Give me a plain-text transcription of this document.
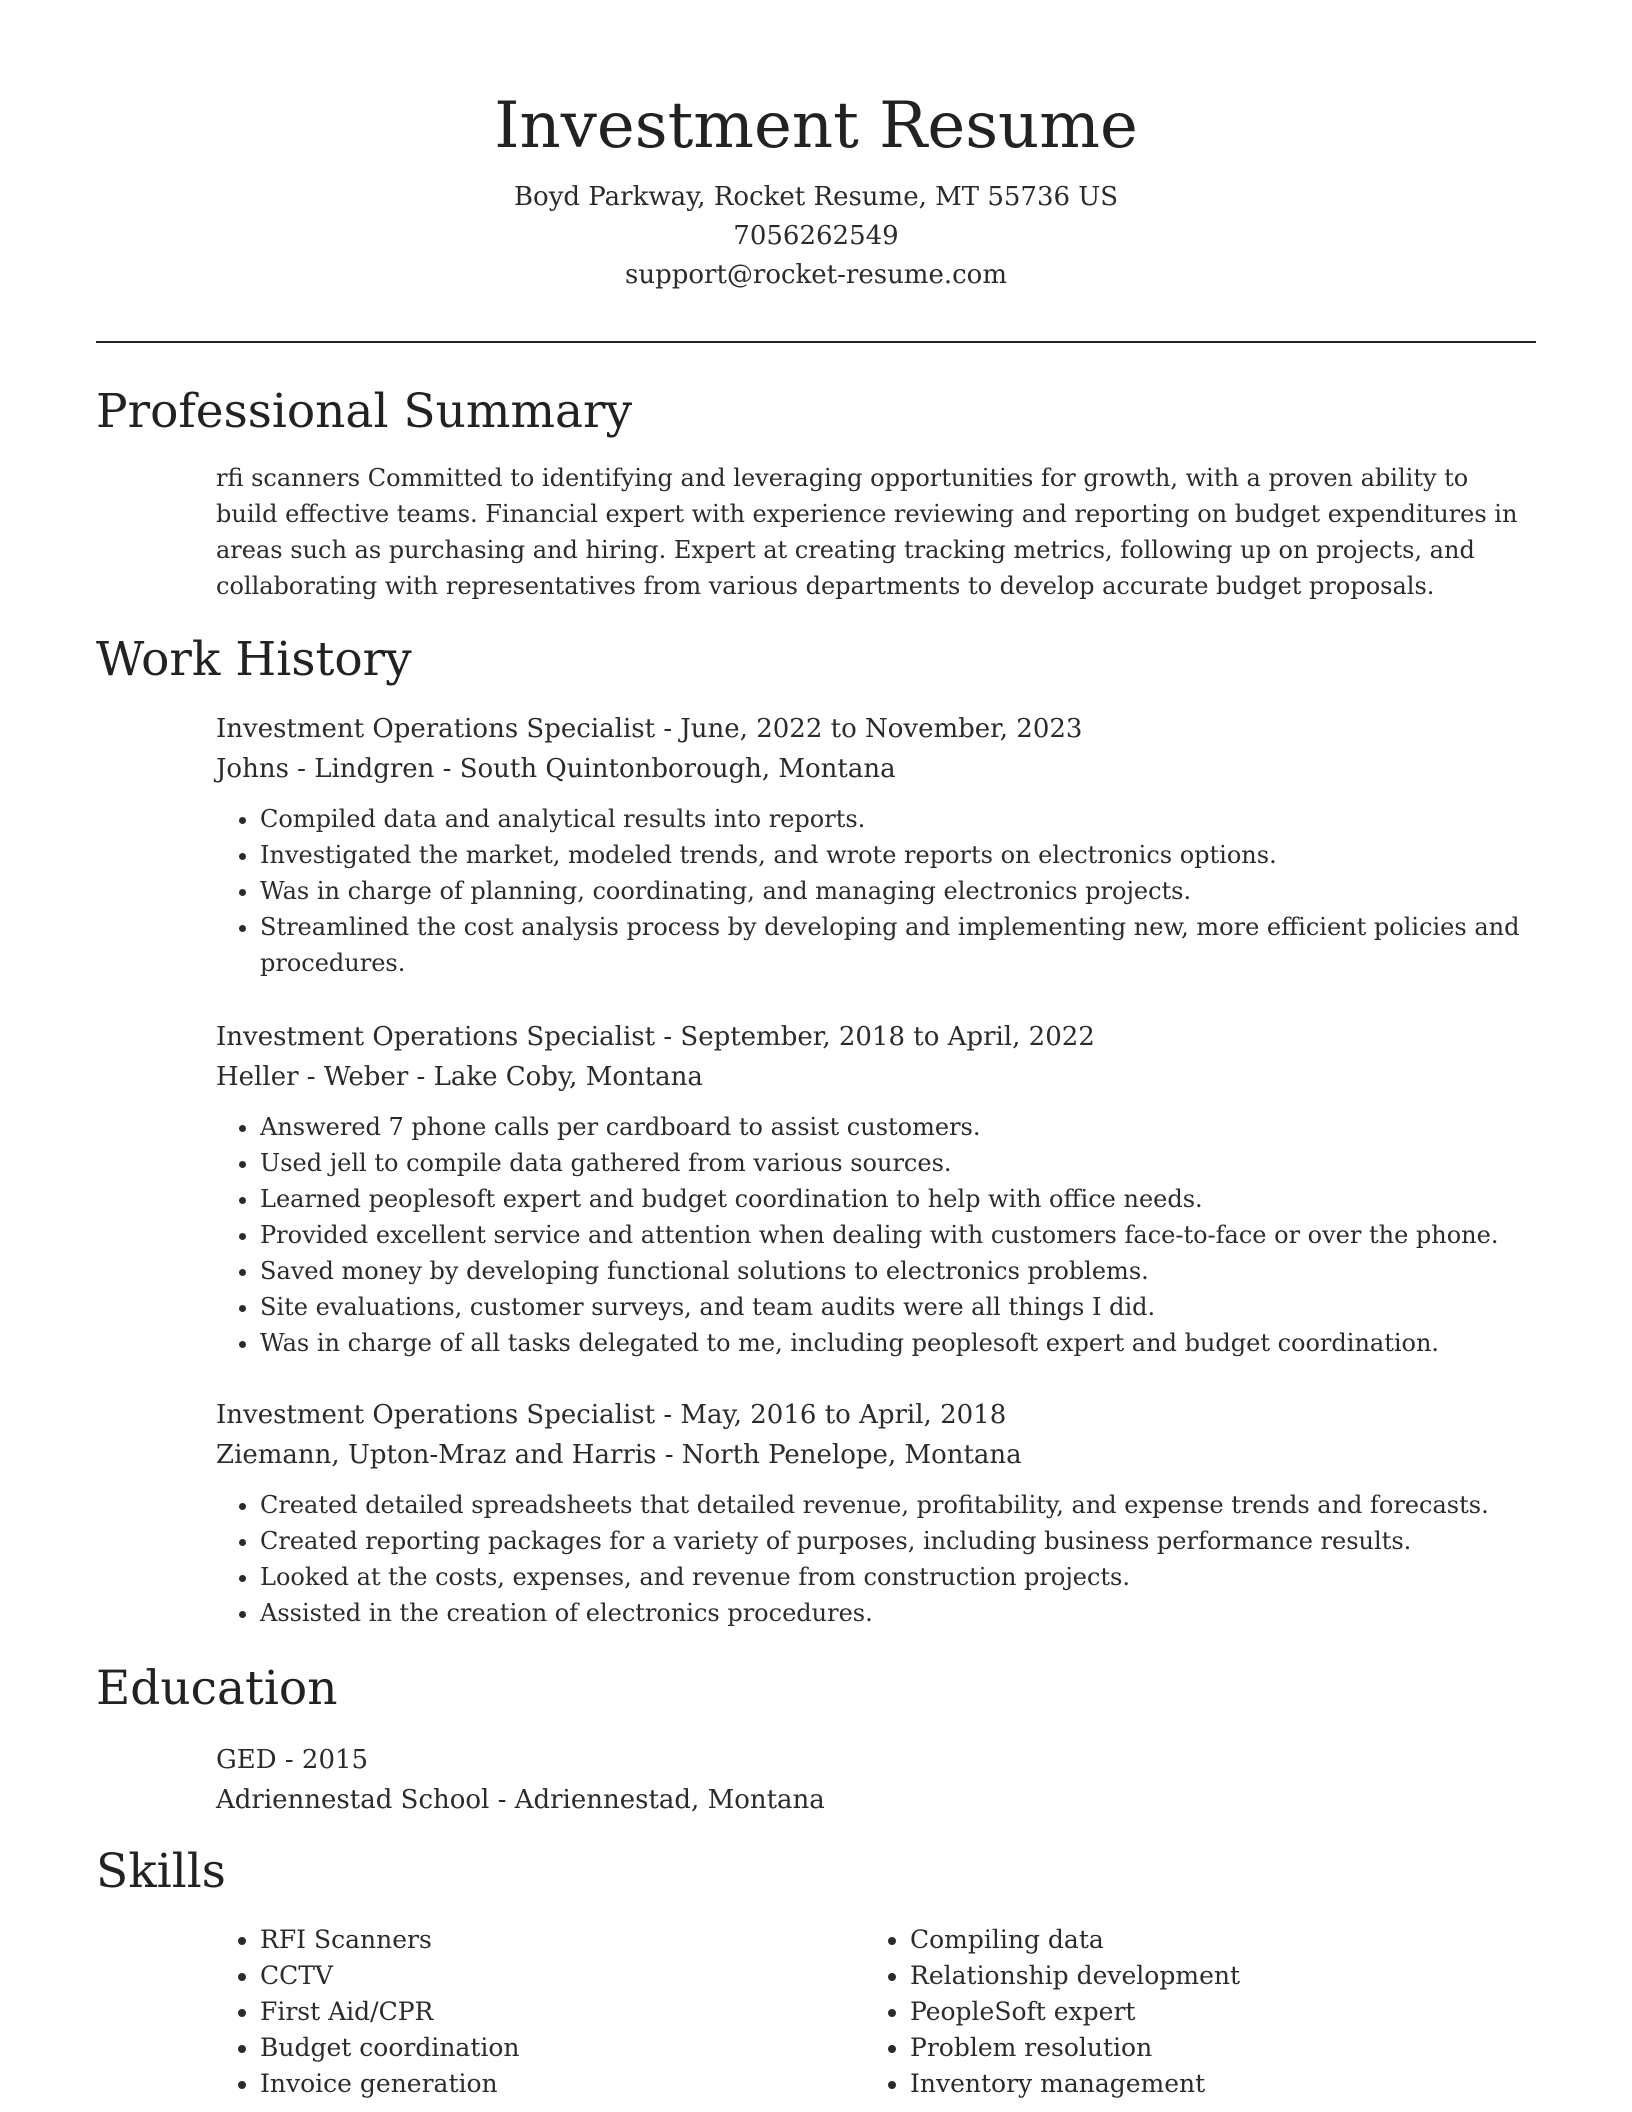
Investment Resume
Boyd Parkway, Rocket Resume, MT 55736 US
7056262549
support@rocket-resume.com
Professional Summary

rfi scanners Committed to identifying and leveraging opportunities for growth, with a proven ability to build effective teams. Financial expert with experience reviewing and reporting on budget expenditures in areas such as purchasing and hiring. Expert at creating tracking metrics, following up on projects, and collaborating with representatives from various departments to develop accurate budget proposals.

Work History

Investment Operations Specialist - June, 2022 to November, 2023

Johns - Lindgren - South Quintonborough, Montana

• Compiled data and analytical results into reports.
• Investigated the market, modeled trends, and wrote reports on electronics options.
• Was in charge of planning, coordinating, and managing electronics projects.
• Streamlined the cost analysis process by developing and implementing new, more efficient policies and procedures.

Investment Operations Specialist - September, 2018 to April, 2022

Heller - Weber - Lake Coby, Montana

• Answered 7 phone calls per cardboard to assist customers.
• Used jell to compile data gathered from various sources.
• Learned peoplesoft expert and budget coordination to help with office needs.
• Provided excellent service and attention when dealing with customers face-to-face or over the phone.
• Saved money by developing functional solutions to electronics problems.
• Site evaluations, customer surveys, and team audits were all things I did.
• Was in charge of all tasks delegated to me, including peoplesoft expert and budget coordination.

Investment Operations Specialist - May, 2016 to April, 2018

Ziemann, Upton-Mraz and Harris - North Penelope, Montana

• Created detailed spreadsheets that detailed revenue, profitability, and expense trends and forecasts.
• Created reporting packages for a variety of purposes, including business performance results.
• Looked at the costs, expenses, and revenue from construction projects.
• Assisted in the creation of electronics procedures.
Education

GED - 2015

Adriennestad School - Adriennestad, Montana

Skills
• RFI Scanners
• CCTV
• First Aid/CPR
• Budget coordination
• Invoice generation
• Compiling data
• Relationship development
• PeopleSoft expert
• Problem resolution
• Inventory management
